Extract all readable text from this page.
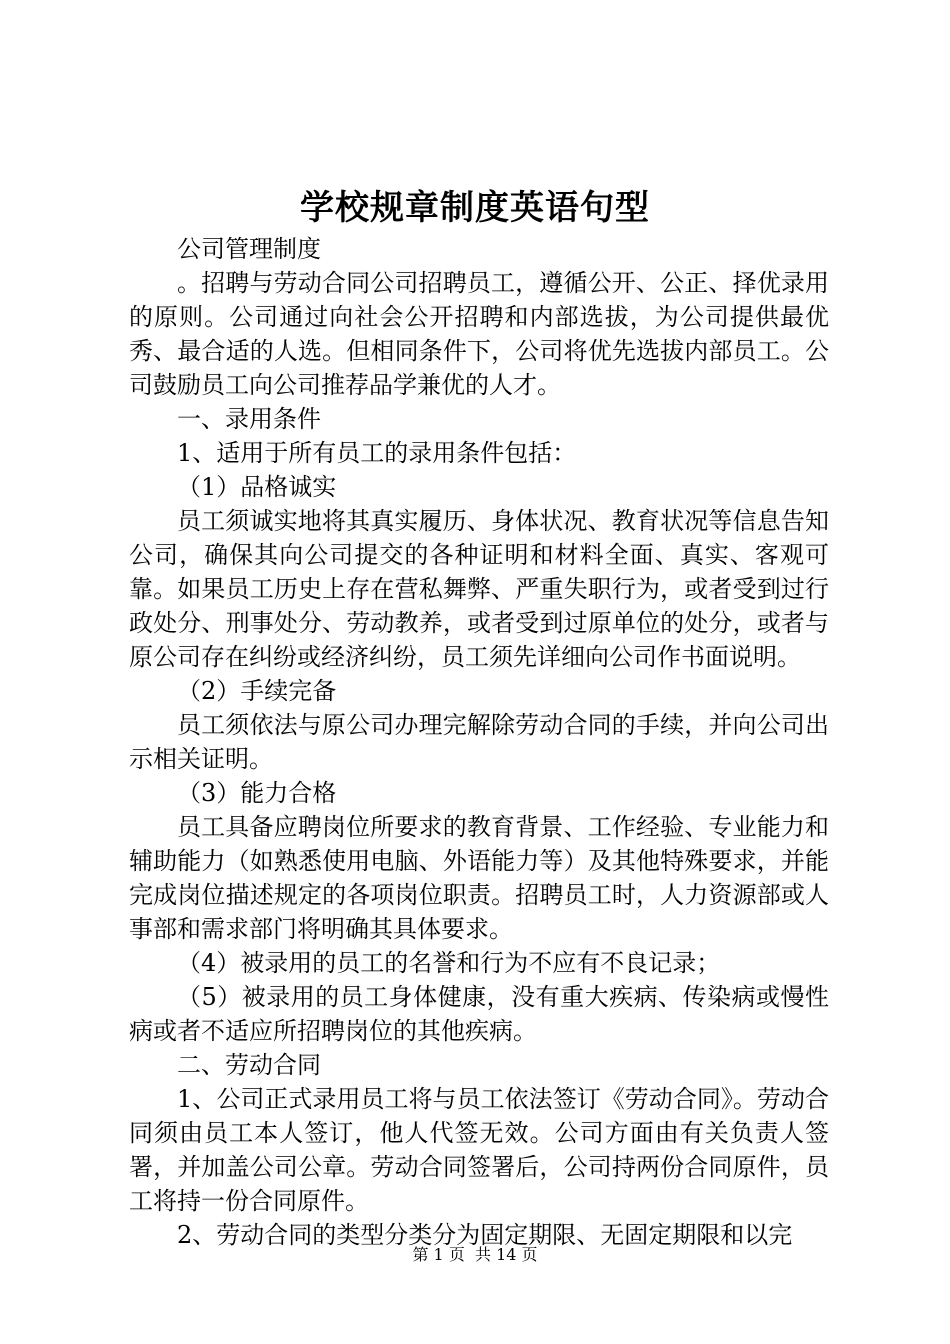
学校规章制度英语句型

公司管理制度

。招聘与劳动合同公司招聘员工，遵循公开、公正、择优录用的原则。公司通过向社会公开招聘和内部选拔，为公司提供最优秀、最合适的人选。但相同条件下，公司将优先选拔内部员工。公司鼓励员工向公司推荐品学兼优的人才。

一、录用条件

1、适用于所有员工的录用条件包括：

（1）品格诚实

员工须诚实地将其真实履历、身体状况、教育状况等信息告知公司，确保其向公司提交的各种证明和材料全面、真实、客观可靠。如果员工历史上存在营私舞弊、严重失职行为，或者受到过行政处分、刑事处分、劳动教养，或者受到过原单位的处分，或者与原公司存在纠纷或经济纠纷，员工须先详细向公司作书面说明。

（2）手续完备

员工须依法与原公司办理完解除劳动合同的手续，并向公司出示相关证明。

（3）能力合格

员工具备应聘岗位所要求的教育背景、工作经验、专业能力和辅助能力（如熟悉使用电脑、外语能力等）及其他特殊要求，并能完成岗位描述规定的各项岗位职责。招聘员工时，人力资源部或人事部和需求部门将明确其具体要求。

（4）被录用的员工的名誉和行为不应有不良记录；

（5）被录用的员工身体健康，没有重大疾病、传染病或慢性病或者不适应所招聘岗位的其他疾病。

二、劳动合同

1、公司正式录用员工将与员工依法签订《劳动合同》。劳动合同须由员工本人签订，他人代签无效。公司方面由有关负责人签署，并加盖公司公章。劳动合同签署后，公司持两份合同原件，员工将持一份合同原件。

2、劳动合同的类型分类分为固定期限、无固定期限和以完

第 1 页  共 14 页
